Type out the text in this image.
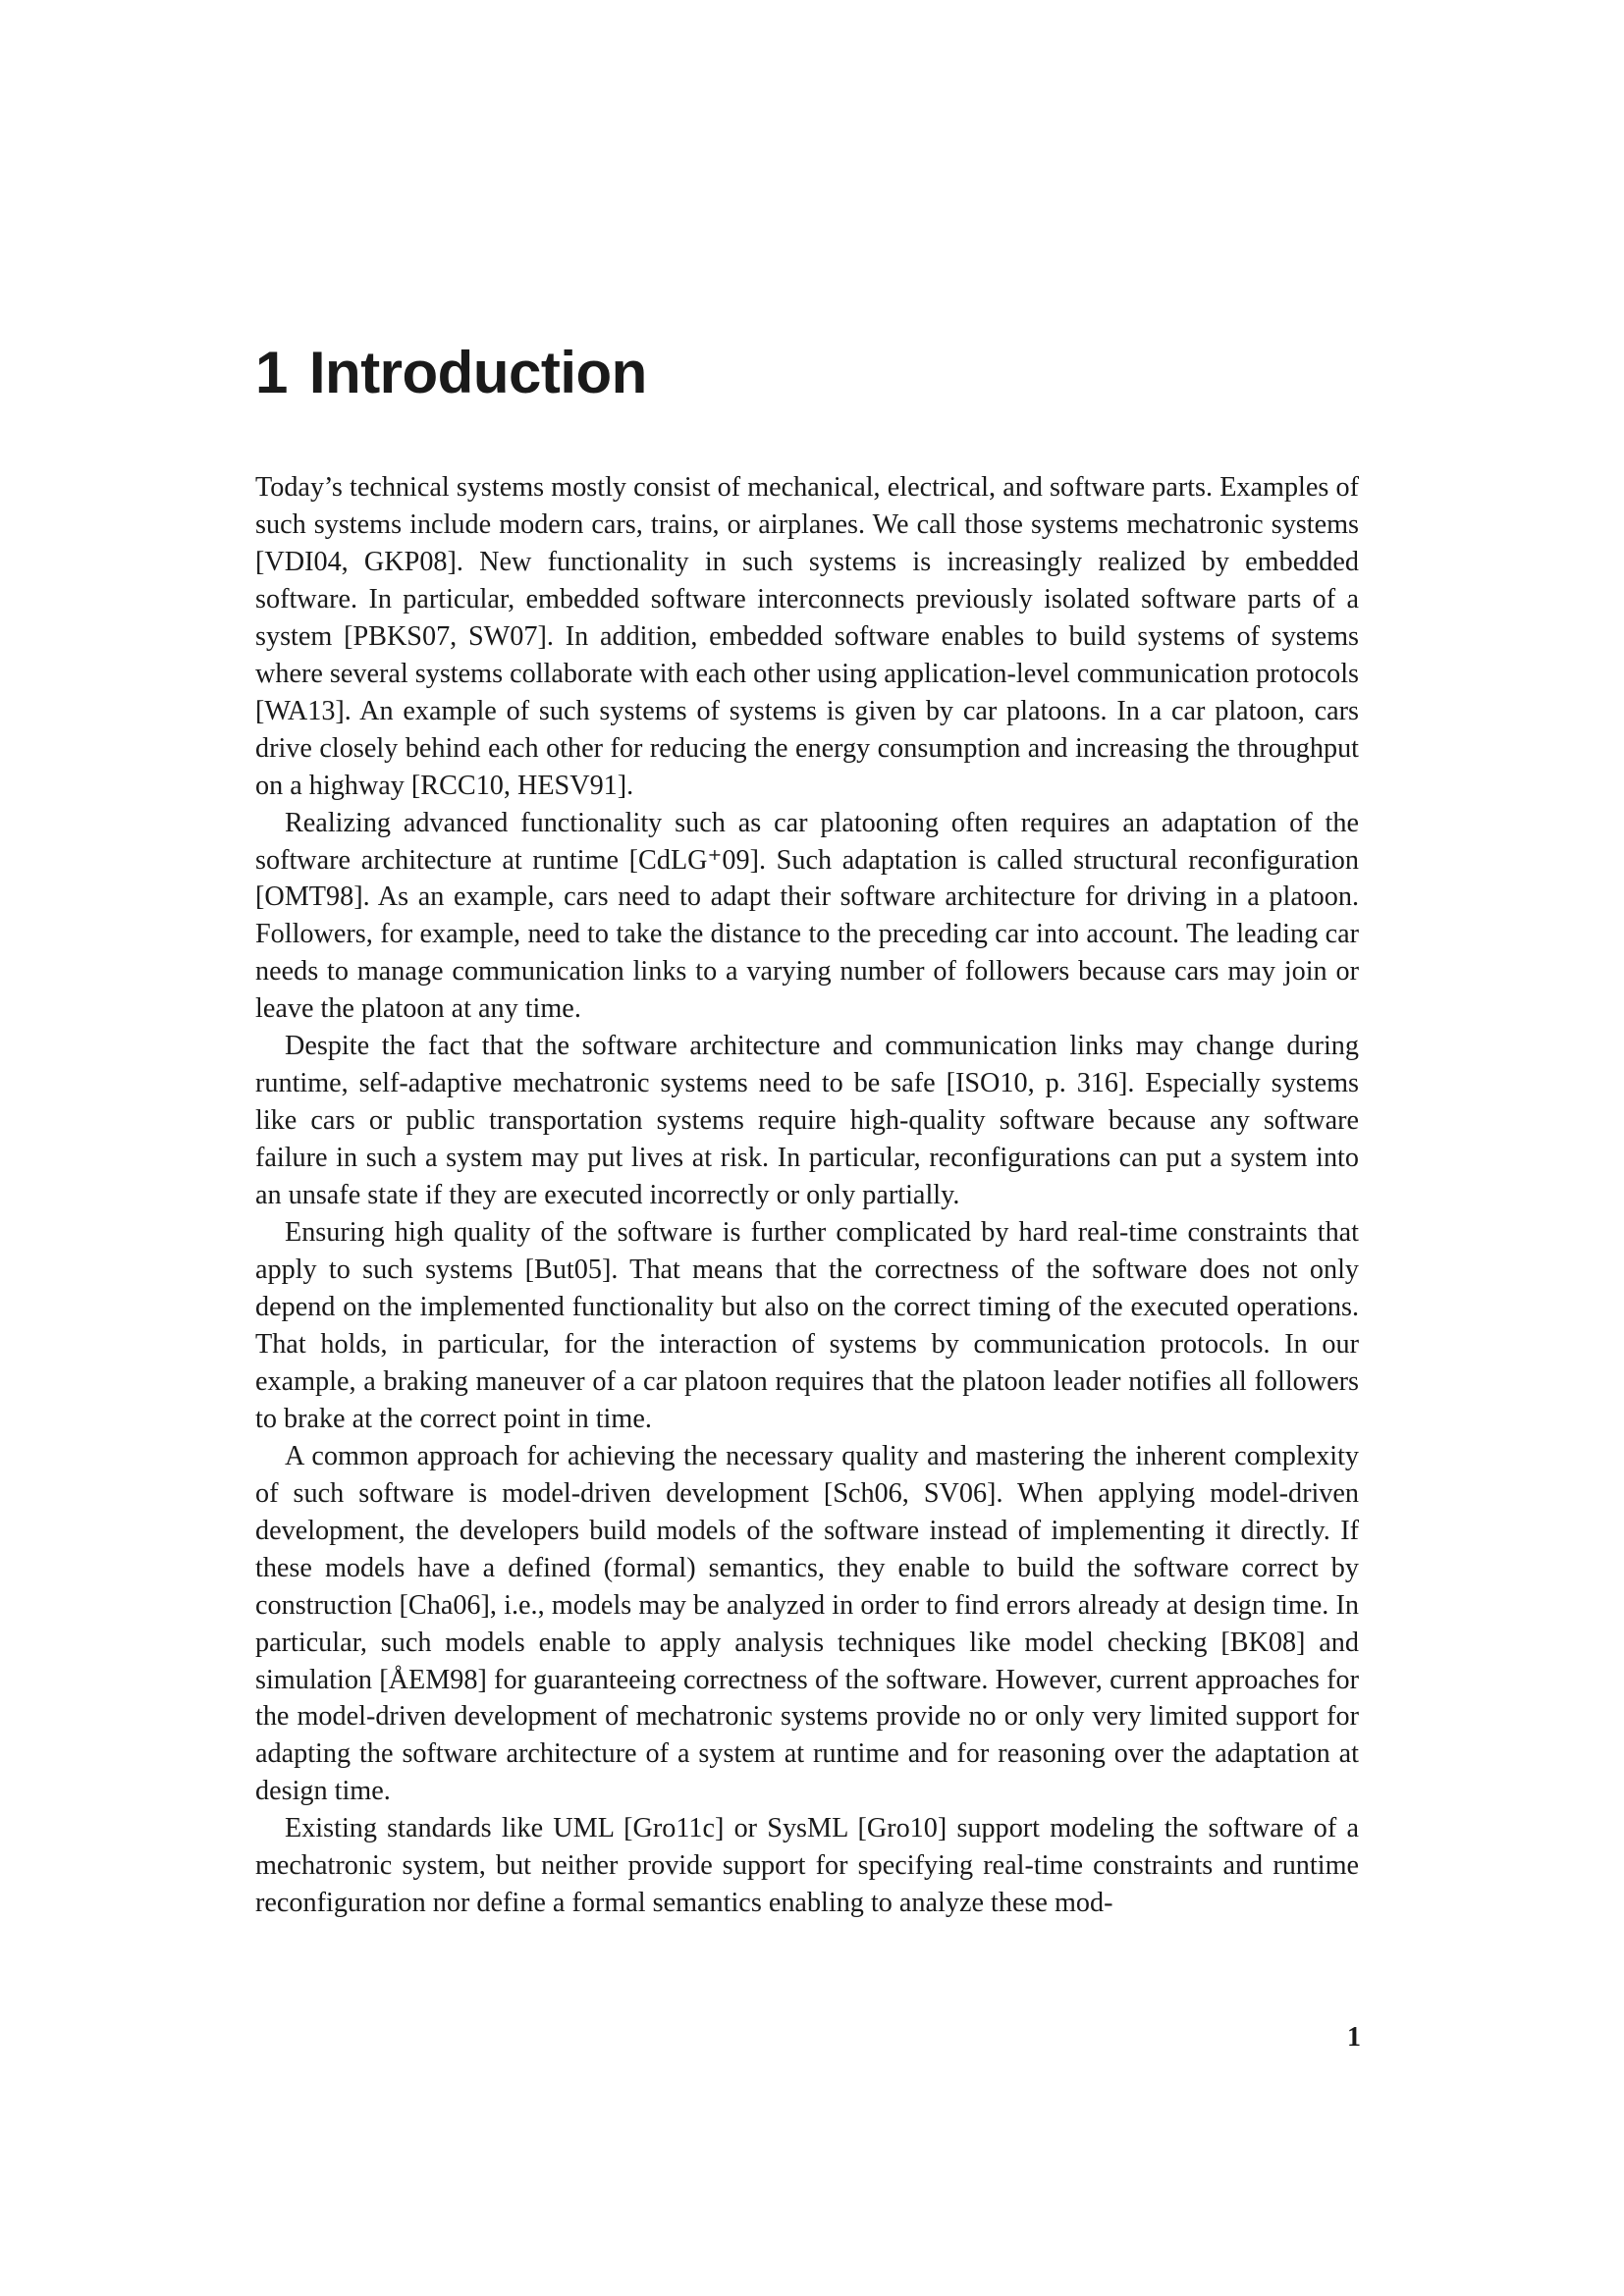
1 Introduction

Today’s technical systems mostly consist of mechanical, electrical, and software parts. Examples of such systems include modern cars, trains, or airplanes. We call those systems mechatronic systems [VDI04, GKP08]. New functionality in such systems is increasingly realized by embedded software. In particular, embedded software interconnects previously isolated software parts of a system [PBKS07, SW07]. In addition, embedded software enables to build systems of systems where several systems collaborate with each other using application-level communication protocols [WA13]. An example of such systems of systems is given by car platoons. In a car platoon, cars drive closely behind each other for reducing the energy consumption and increasing the throughput on a highway [RCC10, HESV91].

Realizing advanced functionality such as car platooning often requires an adaptation of the software architecture at runtime [CdLG⁺09]. Such adaptation is called structural reconfiguration [OMT98]. As an example, cars need to adapt their software architecture for driving in a platoon. Followers, for example, need to take the distance to the preceding car into account. The leading car needs to manage communication links to a varying number of followers because cars may join or leave the platoon at any time.

Despite the fact that the software architecture and communication links may change during runtime, self-adaptive mechatronic systems need to be safe [ISO10, p. 316]. Especially systems like cars or public transportation systems require high-quality software because any software failure in such a system may put lives at risk. In particular, reconfigurations can put a system into an unsafe state if they are executed incorrectly or only partially.

Ensuring high quality of the software is further complicated by hard real-time constraints that apply to such systems [But05]. That means that the correctness of the software does not only depend on the implemented functionality but also on the correct timing of the executed operations. That holds, in particular, for the interaction of systems by communication protocols. In our example, a braking maneuver of a car platoon requires that the platoon leader notifies all followers to brake at the correct point in time.

A common approach for achieving the necessary quality and mastering the inherent complexity of such software is model-driven development [Sch06, SV06]. When applying model-driven development, the developers build models of the software instead of implementing it directly. If these models have a defined (formal) semantics, they enable to build the software correct by construction [Cha06], i.e., models may be analyzed in order to find errors already at design time. In particular, such models enable to apply analysis techniques like model checking [BK08] and simulation [ÅEM98] for guaranteeing correctness of the software. However, current approaches for the model-driven development of mechatronic systems provide no or only very limited support for adapting the software architecture of a system at runtime and for reasoning over the adaptation at design time.

Existing standards like UML [Gro11c] or SysML [Gro10] support modeling the software of a mechatronic system, but neither provide support for specifying real-time constraints and runtime reconfiguration nor define a formal semantics enabling to analyze these mod-

1
